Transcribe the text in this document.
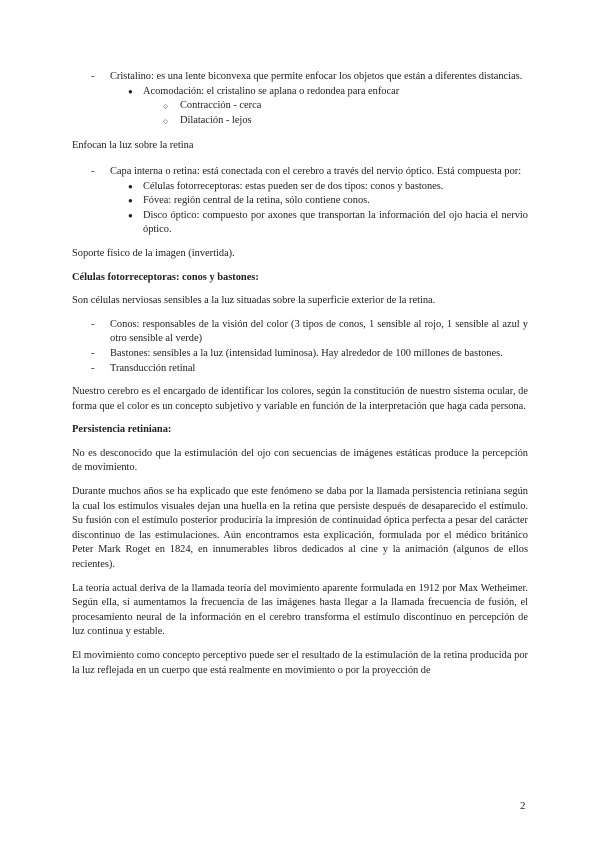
- Cristalino: es una lente biconvexa que permite enfocar los objetos que están a diferentes distancias.
● Acomodación: el cristalino se aplana o redondea para enfocar
○ Contracción - cerca
○ Dilatación - lejos

Enfocan la luz sobre la retina

- Capa interna o retina: está conectada con el cerebro a través del nervio óptico. Está compuesta por:
● Células fotorreceptoras: estas pueden ser de dos tipos: conos y bastones.
● Fóvea: región central de la retina, sólo contiene conos.
● Disco óptico: compuesto por axones que transportan la información del ojo hacia el nervio óptico.

Soporte físico de la imagen (invertida).

Células fotorreceptoras: conos y bastones:

Son células nerviosas sensibles a la luz situadas sobre la superficie exterior de la retina.

- Conos: responsables de la visión del color (3 tipos de conos, 1 sensible al rojo, 1 sensible al azul y otro sensible al verde)
- Bastones: sensibles a la luz (intensidad luminosa). Hay alrededor de 100 millones de bastones.
- Transducción retinal

Nuestro cerebro es el encargado de identificar los colores, según la constitución de nuestro sistema ocular, de forma que el color es un concepto subjetivo y variable en función de la interpretación que haga cada persona.

Persistencia retiniana:

No es desconocido que la estimulación del ojo con secuencias de imágenes estáticas produce la percepción de movimiento.

Durante muchos años se ha explicado que este fenómeno se daba por la llamada persistencia retiniana según la cual los estímulos visuales dejan una huella en la retina que persiste después de desaparecido el estímulo. Su fusión con el estímulo posterior produciría la impresión de continuidad óptica perfecta a pesar del carácter discontinuo de las estimulaciones. Aún encontramos esta explicación, formulada por el médico británico Peter Mark Roget en 1824, en innumerables libros dedicados al cine y la animación (algunos de ellos recientes).

La teoría actual deriva de la llamada teoría del movimiento aparente formulada en 1912 por Max Wetheimer. Según ella, si aumentamos la frecuencia de las imágenes hasta llegar a la llamada frecuencia de fusión, el procesamiento neural de la información en el cerebro transforma el estímulo discontinuo en percepción de luz continua y estable.

El movimiento como concepto perceptivo puede ser el resultado de la estimulación de la retina producida por la luz reflejada en un cuerpo que está realmente en movimiento o por la proyección de

2
